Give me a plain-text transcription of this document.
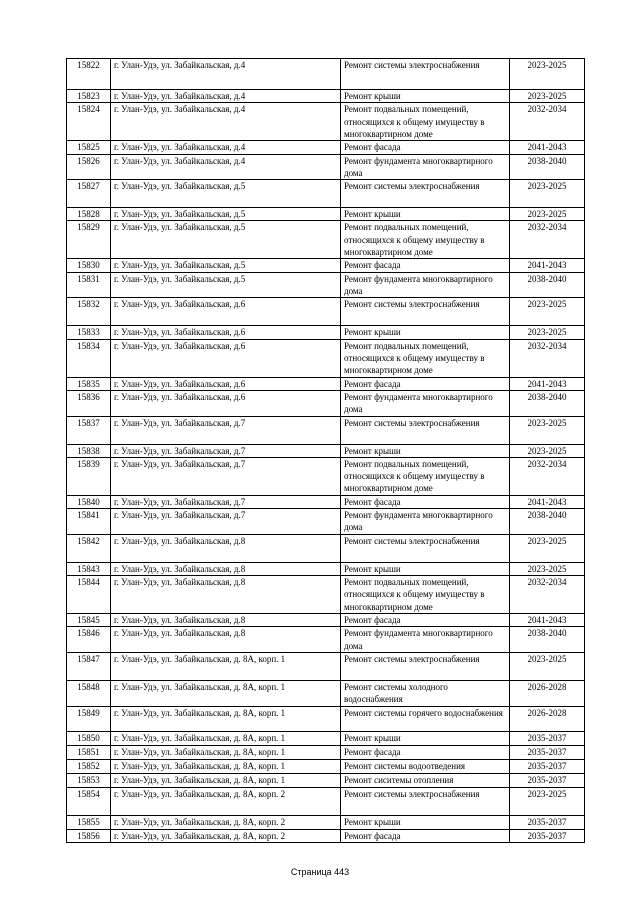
15822	г. Улан-Удэ, ул. Забайкальская, д.4	Ремонт системы электроснабжения	2023-2025
15823	г. Улан-Удэ, ул. Забайкальская, д.4	Ремонт крыши	2023-2025
15824	г. Улан-Удэ, ул. Забайкальская, д.4	Ремонт подвальных помещений, относящихся к общему имуществу в многоквартирном доме	2032-2034
15825	г. Улан-Удэ, ул. Забайкальская, д.4	Ремонт фасада	2041-2043
15826	г. Улан-Удэ, ул. Забайкальская, д.4	Ремонт фундамента многоквартирного дома	2038-2040
15827	г. Улан-Удэ, ул. Забайкальская, д.5	Ремонт системы электроснабжения	2023-2025
15828	г. Улан-Удэ, ул. Забайкальская, д.5	Ремонт крыши	2023-2025
15829	г. Улан-Удэ, ул. Забайкальская, д.5	Ремонт подвальных помещений, относящихся к общему имуществу в многоквартирном доме	2032-2034
15830	г. Улан-Удэ, ул. Забайкальская, д.5	Ремонт фасада	2041-2043
15831	г. Улан-Удэ, ул. Забайкальская, д.5	Ремонт фундамента многоквартирного дома	2038-2040
15832	г. Улан-Удэ, ул. Забайкальская, д.6	Ремонт системы электроснабжения	2023-2025
15833	г. Улан-Удэ, ул. Забайкальская, д.6	Ремонт крыши	2023-2025
15834	г. Улан-Удэ, ул. Забайкальская, д.6	Ремонт подвальных помещений, относящихся к общему имуществу в многоквартирном доме	2032-2034
15835	г. Улан-Удэ, ул. Забайкальская, д.6	Ремонт фасада	2041-2043
15836	г. Улан-Удэ, ул. Забайкальская, д.6	Ремонт фундамента многоквартирного дома	2038-2040
15837	г. Улан-Удэ, ул. Забайкальская, д.7	Ремонт системы электроснабжения	2023-2025
15838	г. Улан-Удэ, ул. Забайкальская, д.7	Ремонт крыши	2023-2025
15839	г. Улан-Удэ, ул. Забайкальская, д.7	Ремонт подвальных помещений, относящихся к общему имуществу в многоквартирном доме	2032-2034
15840	г. Улан-Удэ, ул. Забайкальская, д.7	Ремонт фасада	2041-2043
15841	г. Улан-Удэ, ул. Забайкальская, д.7	Ремонт фундамента многоквартирного дома	2038-2040
15842	г. Улан-Удэ, ул. Забайкальская, д.8	Ремонт системы электроснабжения	2023-2025
15843	г. Улан-Удэ, ул. Забайкальская, д.8	Ремонт крыши	2023-2025
15844	г. Улан-Удэ, ул. Забайкальская, д.8	Ремонт подвальных помещений, относящихся к общему имуществу в многоквартирном доме	2032-2034
15845	г. Улан-Удэ, ул. Забайкальская, д.8	Ремонт фасада	2041-2043
15846	г. Улан-Удэ, ул. Забайкальская, д.8	Ремонт фундамента многоквартирного дома	2038-2040
15847	г. Улан-Удэ, ул. Забайкальская, д. 8А, корп. 1	Ремонт системы электроснабжения	2023-2025
15848	г. Улан-Удэ, ул. Забайкальская, д. 8А, корп. 1	Ремонт системы холодного водоснабжения	2026-2028
15849	г. Улан-Удэ, ул. Забайкальская, д. 8А, корп. 1	Ремонт системы горячего водоснабжения	2026-2028
15850	г. Улан-Удэ, ул. Забайкальская, д. 8А, корп. 1	Ремонт крыши	2035-2037
15851	г. Улан-Удэ, ул. Забайкальская, д. 8А, корп. 1	Ремонт фасада	2035-2037
15852	г. Улан-Удэ, ул. Забайкальская, д. 8А, корп. 1	Ремонт системы водоотведения	2035-2037
15853	г. Улан-Удэ, ул. Забайкальская, д. 8А, корп. 1	Ремонт сиситемы отопления	2035-2037
15854	г. Улан-Удэ, ул. Забайкальская, д. 8А, корп. 2	Ремонт системы электроснабжения	2023-2025
15855	г. Улан-Удэ, ул. Забайкальская, д. 8А, корп. 2	Ремонт крыши	2035-2037
15856	г. Улан-Удэ, ул. Забайкальская, д. 8А, корп. 2	Ремонт фасада	2035-2037
Страница 443
